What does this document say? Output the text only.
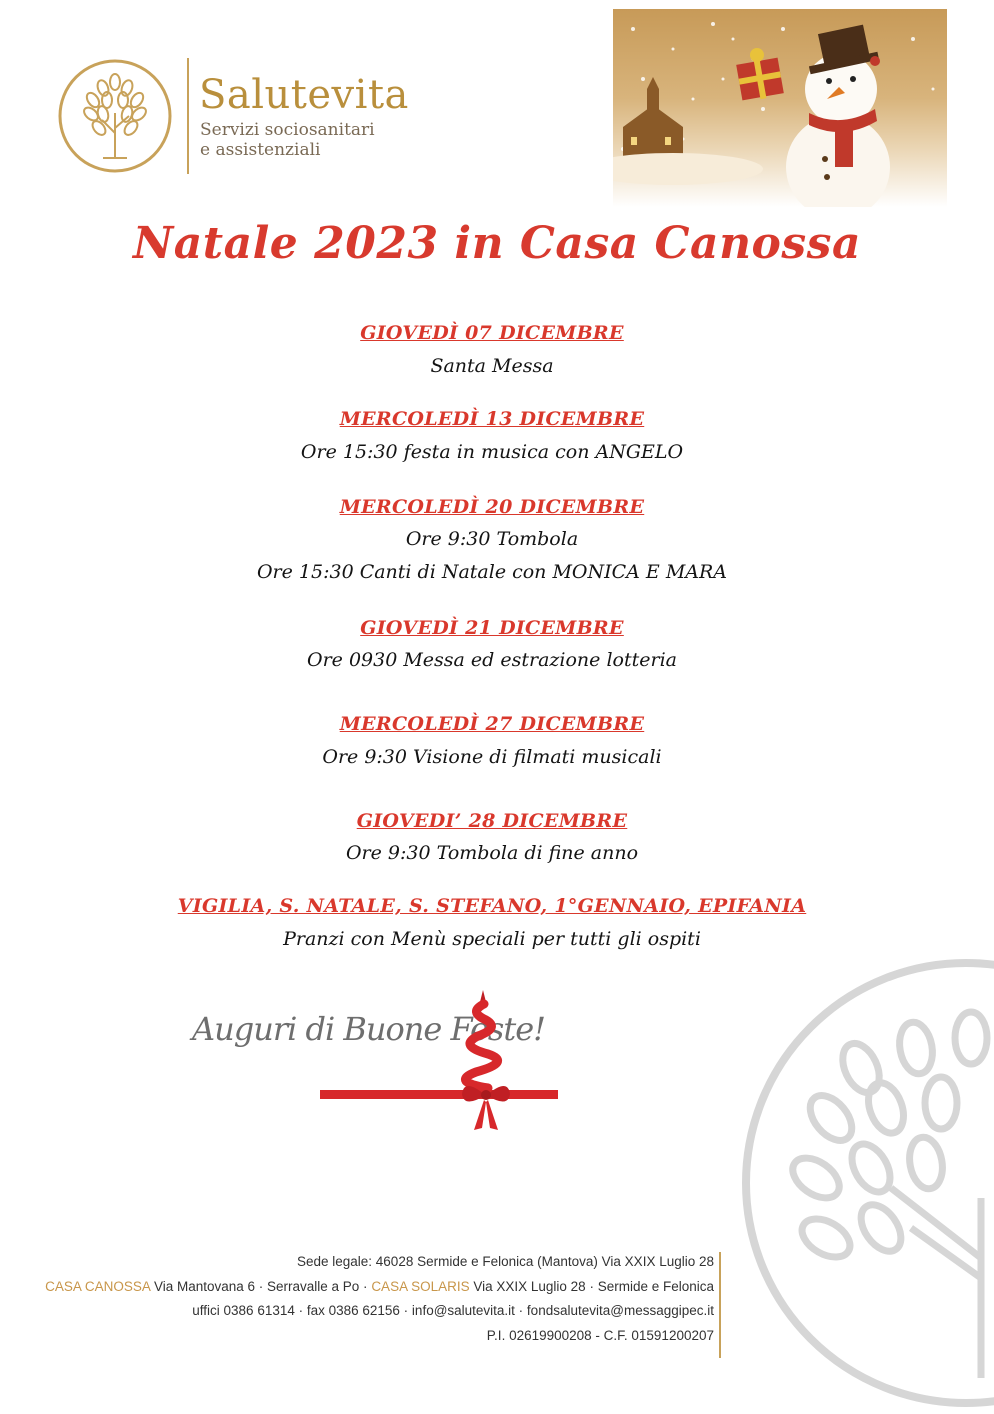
Salutevita
Servizi sociosanitari
e assistenziali
Natale 2023 in Casa Canossa
GIOVEDÌ 07 DICEMBRE
Santa Messa
MERCOLEDÌ 13 DICEMBRE
Ore 15:30 festa in musica con ANGELO
MERCOLEDÌ 20 DICEMBRE
Ore 9:30 Tombola
Ore 15:30 Canti di Natale con MONICA E MARA
GIOVEDÌ 21 DICEMBRE
Ore 0930 Messa ed estrazione lotteria
MERCOLEDÌ 27 DICEMBRE
Ore 9:30 Visione di filmati musicali
GIOVEDI’ 28 DICEMBRE
Ore 9:30 Tombola di fine anno
VIGILIA, S. NATALE, S. STEFANO, 1°GENNAIO, EPIFANIA
Pranzi con Menù speciali per tutti gli ospiti
Auguri di Buone Feste!
Sede legale: 46028 Sermide e Felonica (Mantova) Via XXIX Luglio 28
CASA CANOSSA Via Mantovana 6 · Serravalle a Po · CASA SOLARIS Via XXIX Luglio 28 · Sermide e Felonica
uffici 0386 61314 · fax 0386 62156 · info@salutevita.it · fondsalutevita@messaggipec.it
P.I. 02619900208 - C.F. 01591200207
